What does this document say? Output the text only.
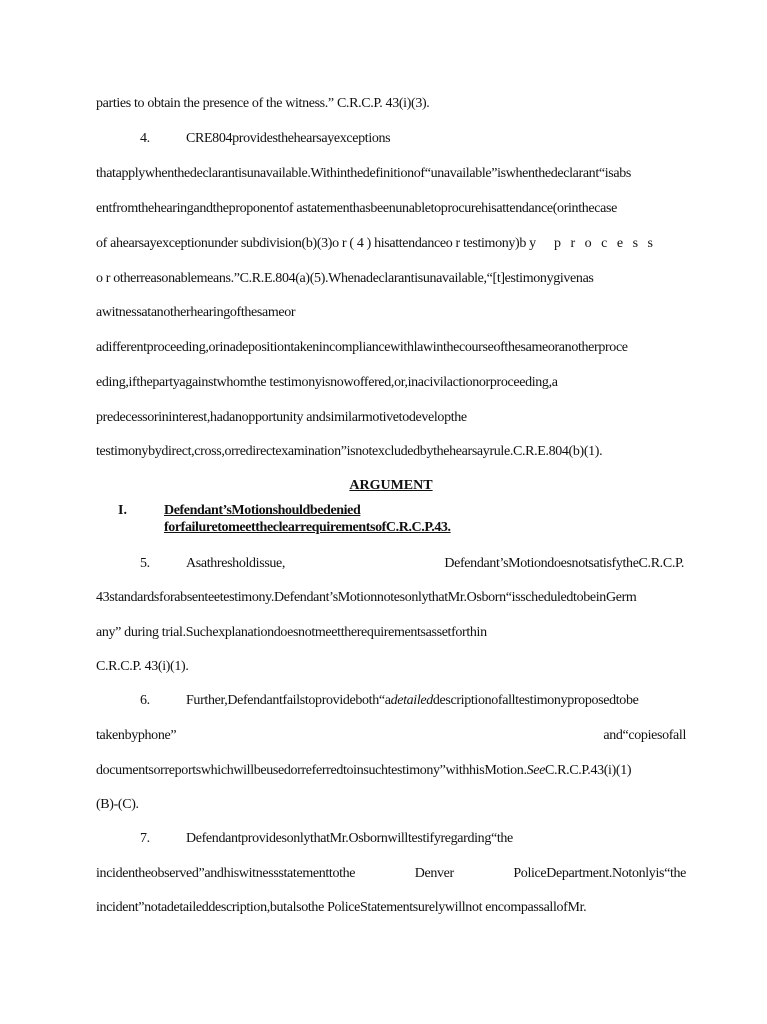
parties to obtain the presence of the witness.” C.R.C.P. 43(i)(3).
4.	CRE804providesthehearsayexceptions
thatapplywhenthedeclarantisunavailable.Withinthedefinitionof“unavailable”iswhenthedeclarant“isabs
entfromthehearingandtheproponentof astatementhasbeenunabletoprocurehisattendance(orinthecase
of ahearsayexceptionunder subdivision(b)(3)o r ( 4 ) hisattendanceo r testimony)b y p r o c e s s
o r otherreasonablemeans.”C.R.E.804(a)(5).Whenadeclarantisunavailable,“[t]estimonygivenas
awitnessatanotherhearingofthesameor
adifferentproceeding,orinadepositiontakenincompliancewithlawinthecourseofthesameoranotherproce
eding,ifthepartyagainstwhomthe testimonyisnowoffered,or,inacivilactionorproceeding,a
predecessorininterest,hadanopportunity andsimilarmotivetodevelopthe
testimonybydirect,cross,orredirectexamination”isnotexcludedbythehearsayrule.C.R.E.804(b)(1).
ARGUMENT
I.	Defendant’sMotionshouldbedenied
forfailuretomeettheclearrequirementsofC.R.C.P.43.
5.	Asathresholdissue,	Defendant’sMotiondoesnotsatisfytheC.R.C.P.
43standardsforabsenteetestimony.Defendant’sMotionnotesonlythatMr.Osborn“isscheduledtobeinGerm
any” during trial.Suchexplanationdoesnotmeettherequirementsassetforthin
C.R.C.P. 43(i)(1).
6.	Further,Defendantfailstoprovideboth“adetaileddescriptionofalltestimonyproposedtobe
takenbyphone”	and“copiesofall
documentsorreportswhichwillbeusedorreferredtoinsuchtestimony”withhisMotion.SeeC.R.C.P.43(i)(1)
(B)-(C).
7.	DefendantprovidesonlythatMr.Osbornwilltestifyregarding“the
incidentheobserved”andhiswitnessstatementtothe	Denver	PoliceDepartment.Notonlyis“the
incident”notadetaileddescription,butalsothe PoliceStatementsurelywillnot encompassallofMr.
